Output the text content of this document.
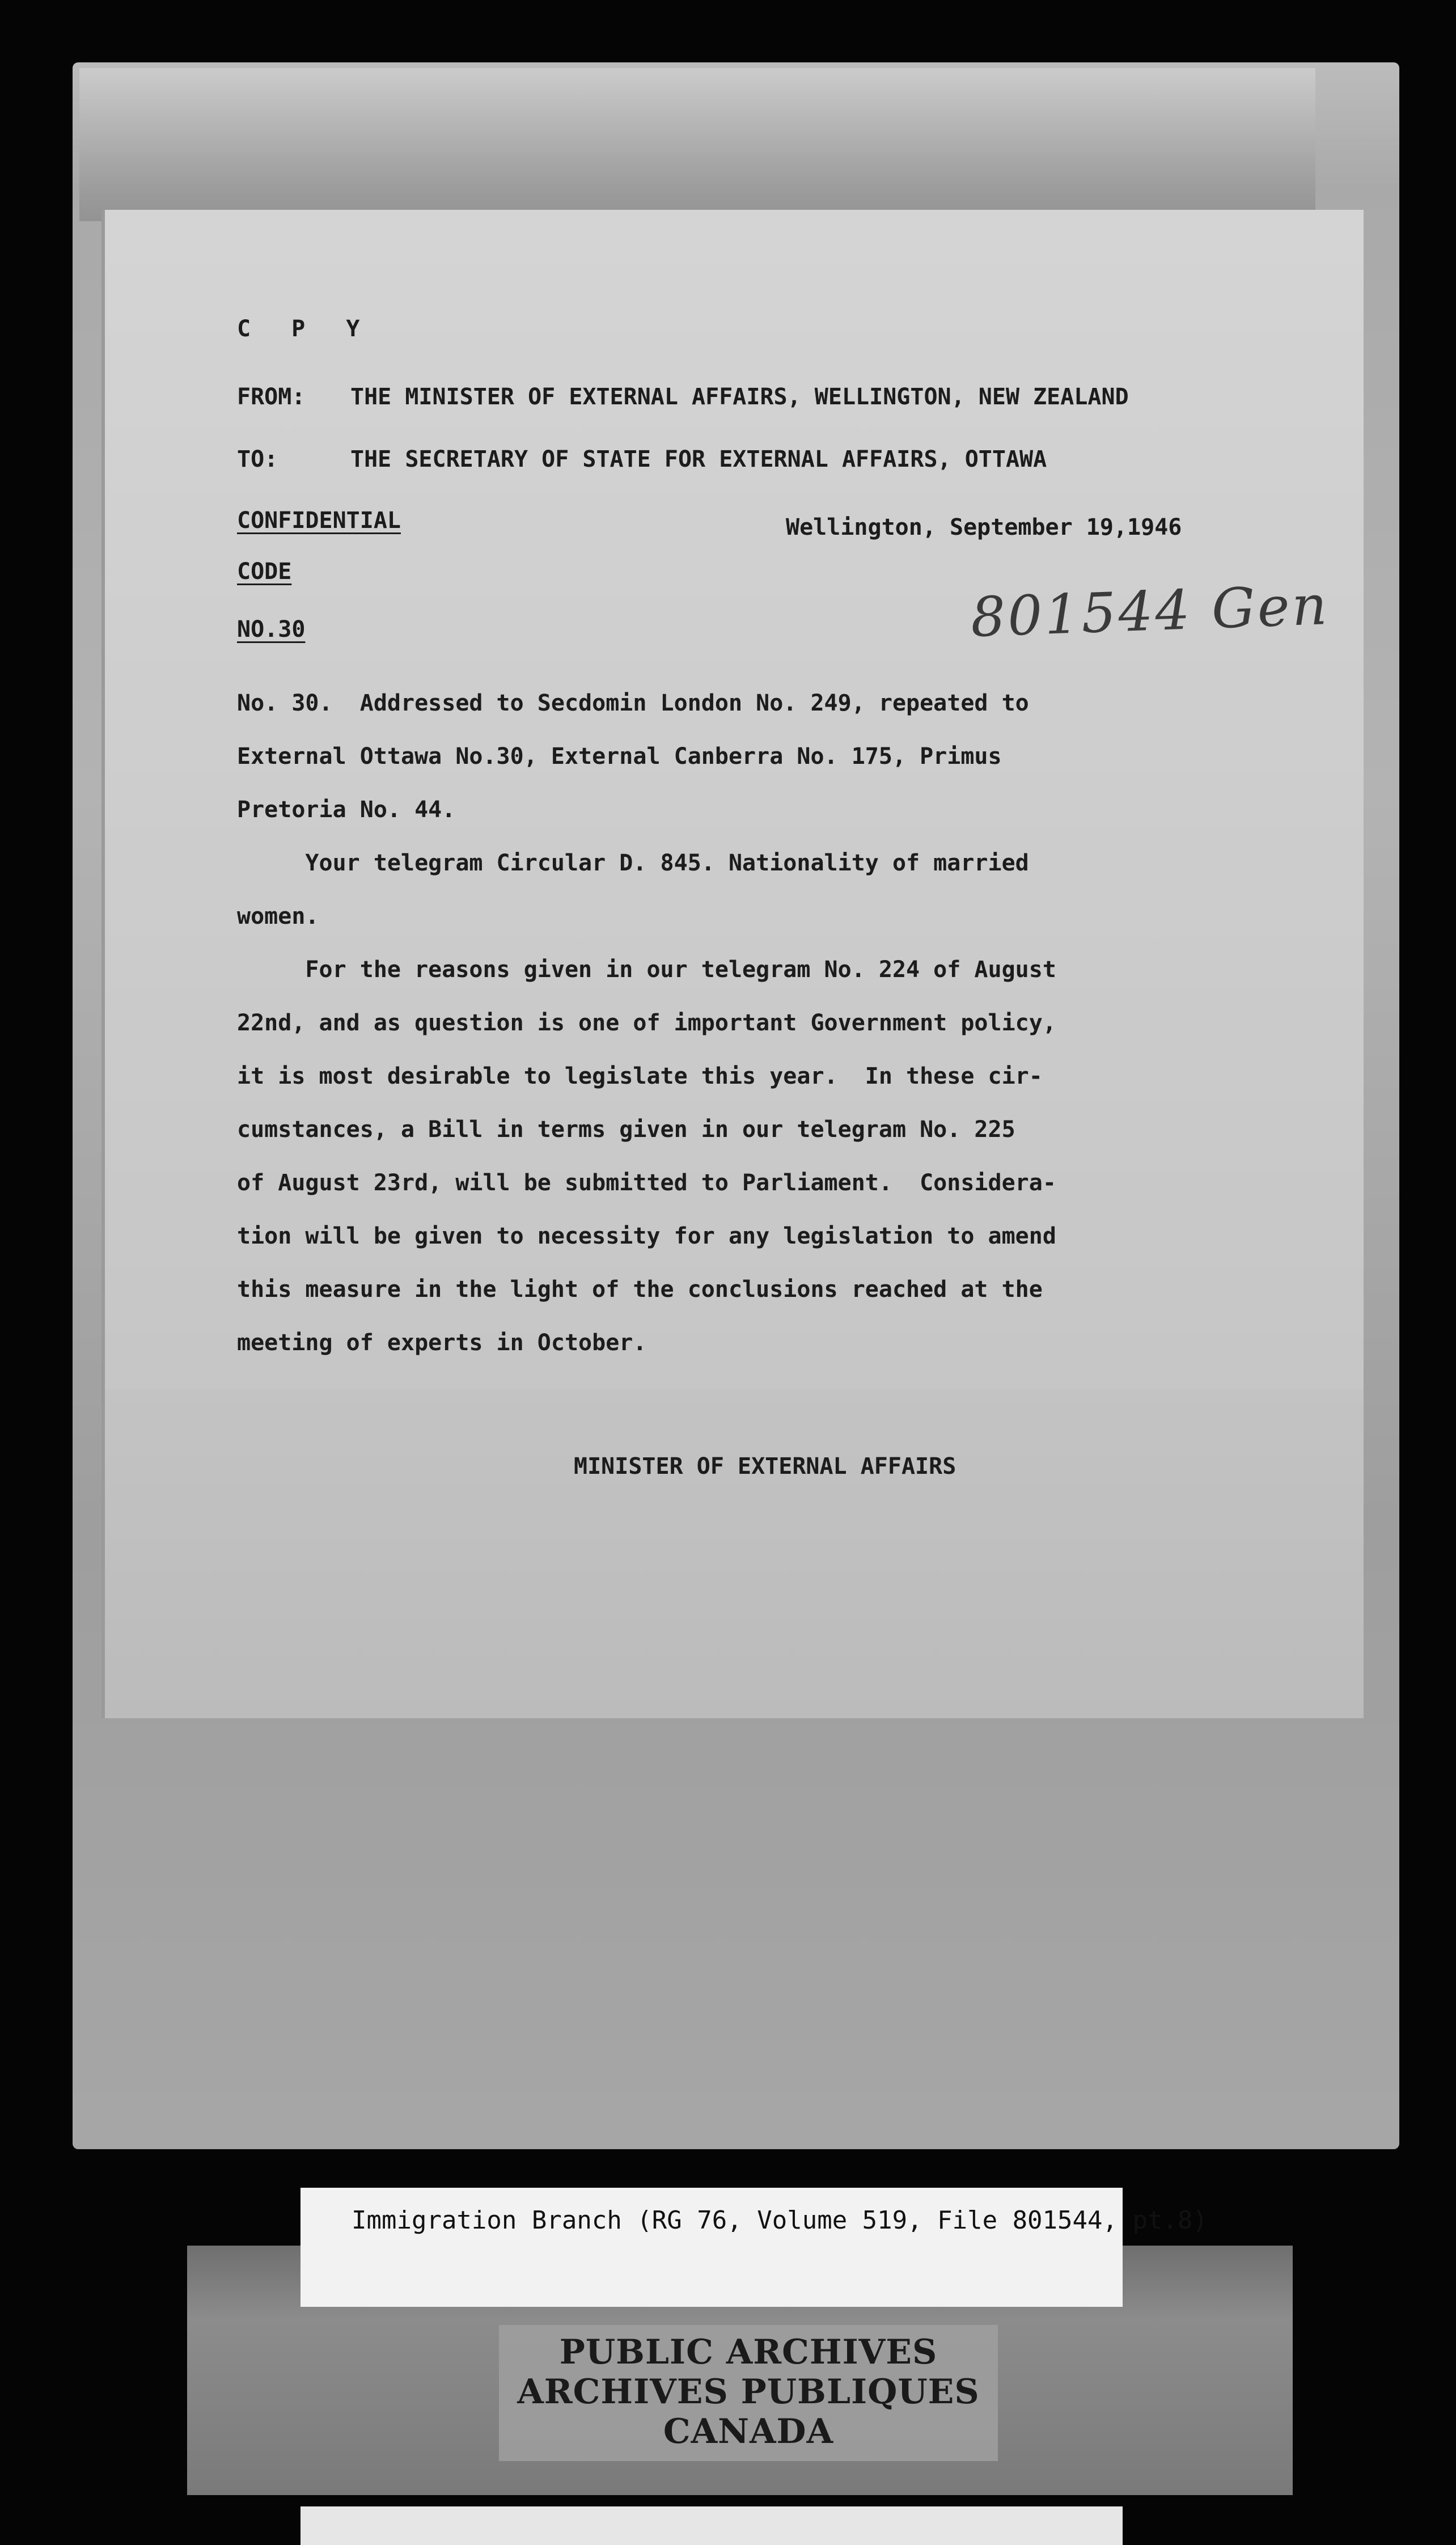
C P Y
FROM: THE MINISTER OF EXTERNAL AFFAIRS, WELLINGTON, NEW ZEALAND
TO:	THE SECRETARY OF STATE FOR EXTERNAL AFFAIRS, OTTAWA
CONFIDENTIAL	Wellington, September 19,1946
CODE
801544 Gen
NO.30
No. 30.  Addressed to Secdomin London No. 249, repeated to
External Ottawa No.30, External Canberra No. 175, Primus
Pretoria No. 44.
Your telegram Circular D. 845. Nationality of married
women.
For the reasons given in our telegram No. 224 of August
22nd, and as question is one of important Government policy,
it is most desirable to legislate this year.  In these cir-
cumstances, a Bill in terms given in our telegram No. 225
of August 23rd, will be submitted to Parliament.  Considera-
tion will be given to necessity for any legislation to amend
this measure in the light of the conclusions reached at the
meeting of experts in October.
MINISTER OF EXTERNAL AFFAIRS
Immigration Branch (RG 76, Volume 519, File 801544, pt.8)
PUBLIC ARCHIVES
ARCHIVES PUBLIQUES
CANADA
